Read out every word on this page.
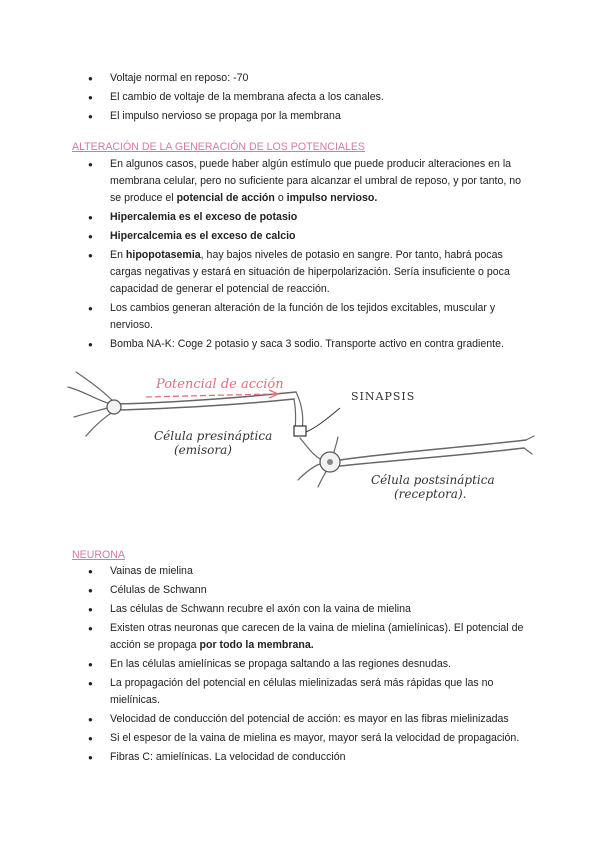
● Voltaje normal en reposo: -70
● El cambio de voltaje de la membrana afecta a los canales.
● El impulso nervioso se propaga por la membrana
ALTERACIÓN DE LA GENERACIÓN DE LOS POTENCIALES
● En algunos casos, puede haber algún estímulo que puede producir alteraciones en la membrana celular, pero no suficiente para alcanzar el umbral de reposo, y por tanto, no se produce el potencial de acción o impulso nervioso.
● Hipercalemia es el exceso de potasio
● Hipercalcemia es el exceso de calcio
● En hipopotasemia, hay bajos niveles de potasio en sangre. Por tanto, habrá pocas cargas negativas y estará en situación de hiperpolarización. Sería insuficiente o poca capacidad de generar el potencial de reacción.
● Los cambios generan alteración de la función de los tejidos excitables, muscular y nervioso.
● Bomba NA-K: Coge 2 potasio y saca 3 sodio. Transporte activo en contra gradiente.
Potencial de acción
SINAPSIS
Célula presináptica
(emisora)
Célula postsináptica
(receptora).
NEURONA
● Vainas de mielina
● Células de Schwann
● Las células de Schwann recubre el axón con la vaina de mielina
● Existen otras neuronas que carecen de la vaina de mielina (amielínicas). El potencial de acción se propaga por todo la membrana.
● En las células amielínicas se propaga saltando a las regiones desnudas.
● La propagación del potencial en células mielinizadas será más rápidas que las no mielínicas.
● Velocidad de conducción del potencial de acción: es mayor en las fibras mielinizadas
● Si el espesor de la vaina de mielina es mayor, mayor será la velocidad de propagación.
● Fibras C: amielínicas. La velocidad de conducción
